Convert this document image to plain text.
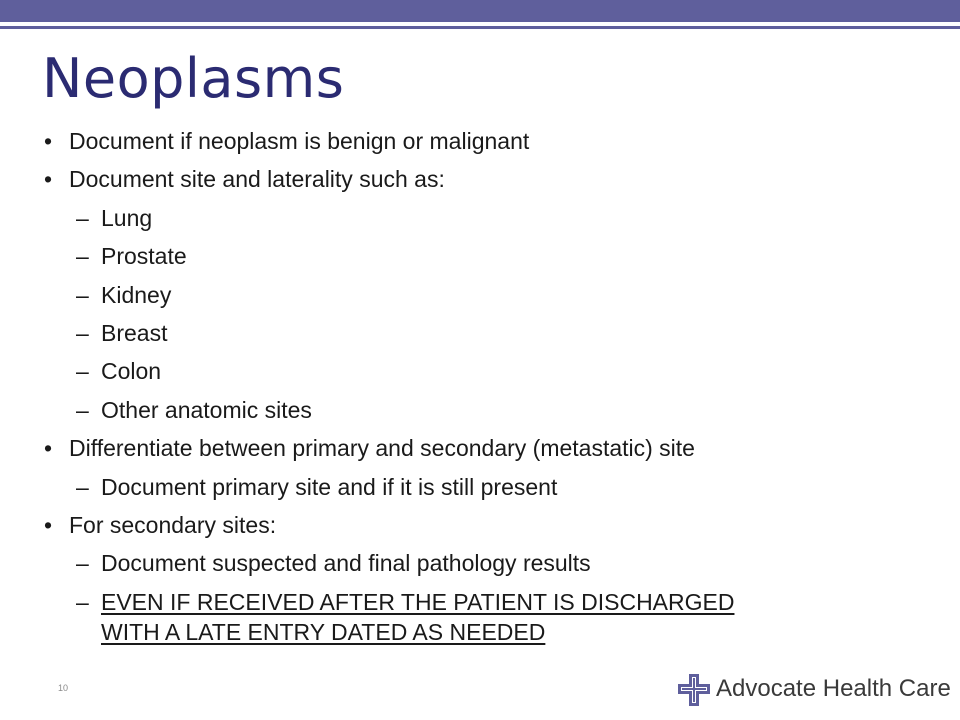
Neoplasms
• Document if neoplasm is benign or malignant
• Document site and laterality such as:
– Lung
– Prostate
– Kidney
– Breast
– Colon
– Other anatomic sites
• Differentiate between primary and secondary (metastatic) site
– Document primary site and if it is still present
• For secondary sites:
– Document suspected and final pathology results
– EVEN IF RECEIVED AFTER THE PATIENT IS DISCHARGED
WITH A LATE ENTRY DATED AS NEEDED
10	Advocate Health Care
